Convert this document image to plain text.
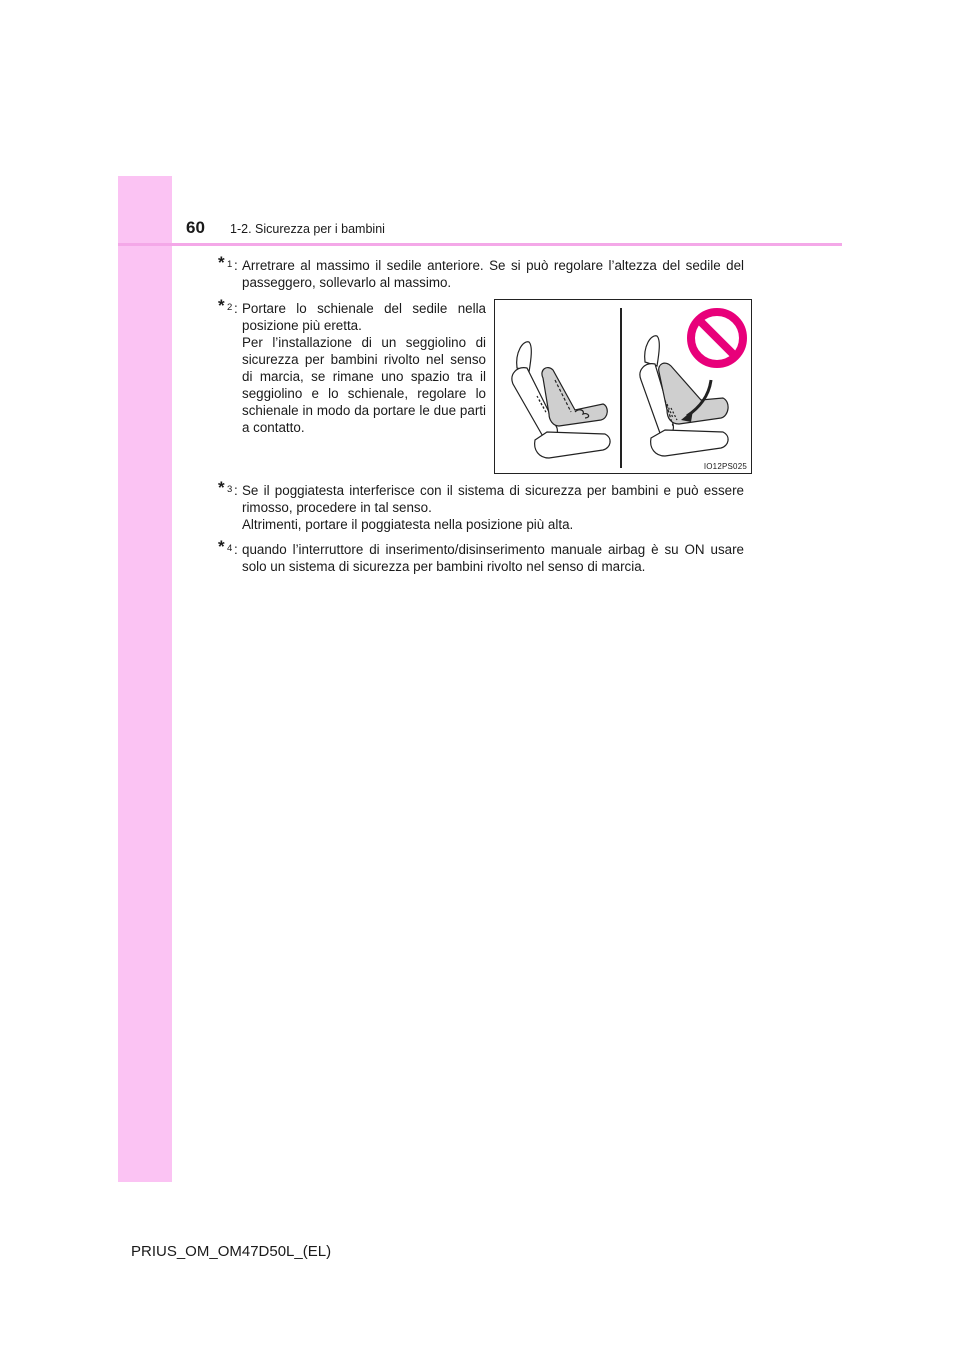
60 1-2. Sicurezza per i bambini
* 1 : Arretrare al massimo il sedile anteriore. Se si può regolare l’altezza del sedile del passeggero, sollevarlo al massimo.
* 2 : Portare lo schienale del sedile nella posizione più eretta.
Per l’installazione di un seggiolino di sicurezza per bambini rivolto nel senso di marcia, se rimane uno spazio tra il seggiolino e lo schienale, regolare lo schienale in modo da portare le due parti a contatto.
IO12PS025
* 3 : Se il poggiatesta interferisce con il sistema di sicurezza per bambini e può essere rimosso, procedere in tal senso.
Altrimenti, portare il poggiatesta nella posizione più alta.
* 4 : quando l’interruttore di inserimento/disinserimento manuale airbag è su ON usare solo un sistema di sicurezza per bambini rivolto nel senso di marcia.
PRIUS_OM_OM47D50L_(EL)
